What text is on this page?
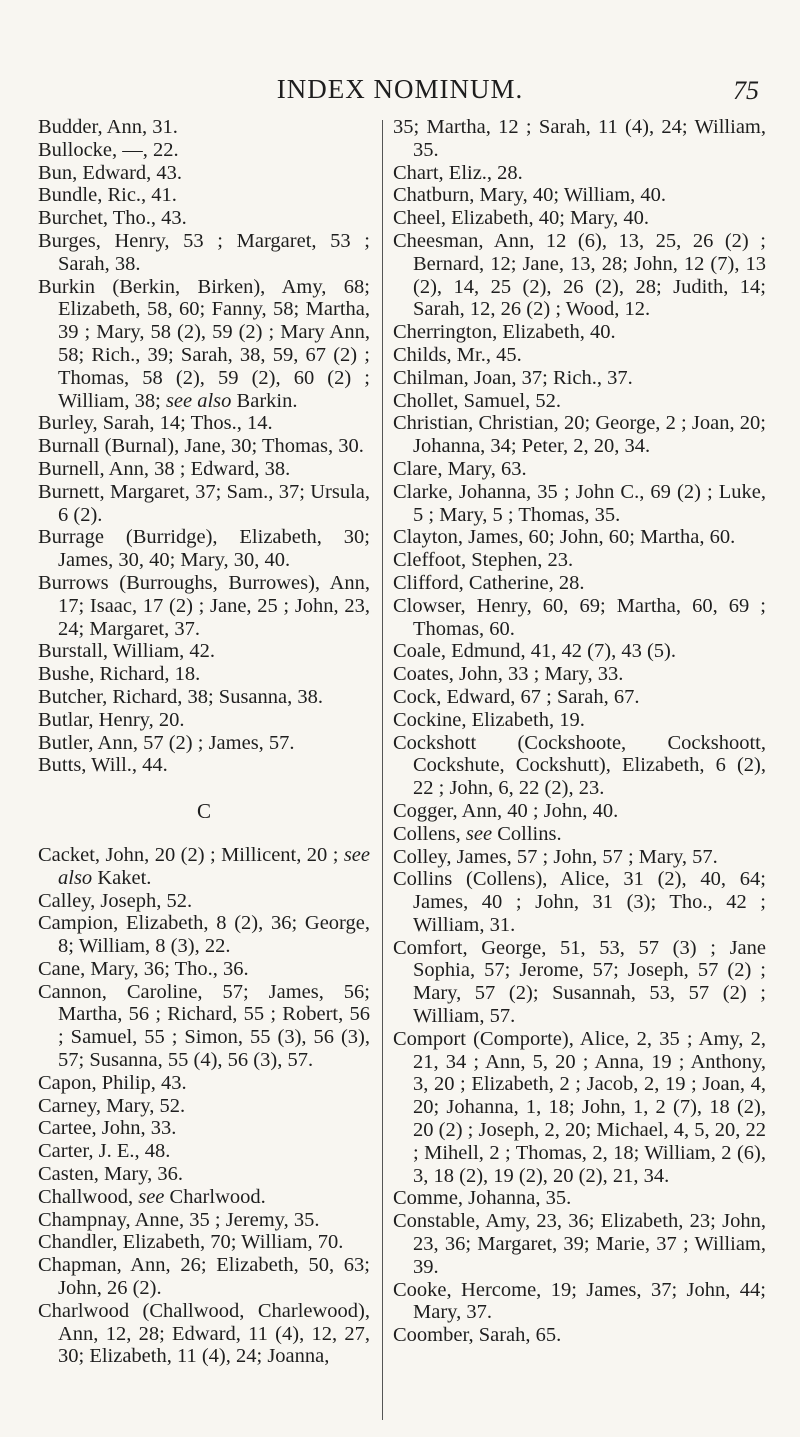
INDEX NOMINUM.	75
Budder, Ann, 31.
Bullocke, —, 22.
Bun, Edward, 43.
Bundle, Ric., 41.
Burchet, Tho., 43.
Burges, Henry, 53 ; Margaret, 53 ; Sarah, 38.
Burkin (Berkin, Birken), Amy, 68; Elizabeth, 58, 60; Fanny, 58; Martha, 39 ; Mary, 58 (2), 59 (2) ; Mary Ann, 58; Rich., 39; Sarah, 38, 59, 67 (2) ; Thomas, 58 (2), 59 (2), 60 (2) ; William, 38; see also Barkin.
Burley, Sarah, 14; Thos., 14.
Burnall (Burnal), Jane, 30; Thomas, 30.
Burnell, Ann, 38 ; Edward, 38.
Burnett, Margaret, 37; Sam., 37; Ursula, 6 (2).
Burrage (Burridge), Elizabeth, 30; James, 30, 40; Mary, 30, 40.
Burrows (Burroughs, Burrowes), Ann, 17; Isaac, 17 (2) ; Jane, 25 ; John, 23, 24; Margaret, 37.
Burstall, William, 42.
Bushe, Richard, 18.
Butcher, Richard, 38; Susanna, 38.
Butlar, Henry, 20.
Butler, Ann, 57 (2) ; James, 57.
Butts, Will., 44.
C
Cacket, John, 20 (2) ; Millicent, 20 ; see also Kaket.
Calley, Joseph, 52.
Campion, Elizabeth, 8 (2), 36; George, 8; William, 8 (3), 22.
Cane, Mary, 36; Tho., 36.
Cannon, Caroline, 57; James, 56; Martha, 56 ; Richard, 55 ; Robert, 56 ; Samuel, 55 ; Simon, 55 (3), 56 (3), 57; Susanna, 55 (4), 56 (3), 57.
Capon, Philip, 43.
Carney, Mary, 52.
Cartee, John, 33.
Carter, J. E., 48.
Casten, Mary, 36.
Challwood, see Charlwood.
Champnay, Anne, 35 ; Jeremy, 35.
Chandler, Elizabeth, 70; William, 70.
Chapman, Ann, 26; Elizabeth, 50, 63; John, 26 (2).
Charlwood (Challwood, Charlewood), Ann, 12, 28; Edward, 11 (4), 12, 27, 30; Elizabeth, 11 (4), 24; Joanna,
35; Martha, 12 ; Sarah, 11 (4), 24; William, 35.
Chart, Eliz., 28.
Chatburn, Mary, 40; William, 40.
Cheel, Elizabeth, 40; Mary, 40.
Cheesman, Ann, 12 (6), 13, 25, 26 (2) ; Bernard, 12; Jane, 13, 28; John, 12 (7), 13 (2), 14, 25 (2), 26 (2), 28; Judith, 14; Sarah, 12, 26 (2) ; Wood, 12.
Cherrington, Elizabeth, 40.
Childs, Mr., 45.
Chilman, Joan, 37; Rich., 37.
Chollet, Samuel, 52.
Christian, Christian, 20; George, 2 ; Joan, 20; Johanna, 34; Peter, 2, 20, 34.
Clare, Mary, 63.
Clarke, Johanna, 35 ; John C., 69 (2) ; Luke, 5 ; Mary, 5 ; Thomas, 35.
Clayton, James, 60; John, 60; Martha, 60.
Cleffoot, Stephen, 23.
Clifford, Catherine, 28.
Clowser, Henry, 60, 69; Martha, 60, 69 ; Thomas, 60.
Coale, Edmund, 41, 42 (7), 43 (5).
Coates, John, 33 ; Mary, 33.
Cock, Edward, 67 ; Sarah, 67.
Cockine, Elizabeth, 19.
Cockshott (Cockshoote, Cockshoott, Cockshute, Cockshutt), Elizabeth, 6 (2), 22 ; John, 6, 22 (2), 23.
Cogger, Ann, 40 ; John, 40.
Collens, see Collins.
Colley, James, 57 ; John, 57 ; Mary, 57.
Collins (Collens), Alice, 31 (2), 40, 64; James, 40 ; John, 31 (3); Tho., 42 ; William, 31.
Comfort, George, 51, 53, 57 (3) ; Jane Sophia, 57; Jerome, 57; Joseph, 57 (2) ; Mary, 57 (2); Susannah, 53, 57 (2) ; William, 57.
Comport (Comporte), Alice, 2, 35 ; Amy, 2, 21, 34 ; Ann, 5, 20 ; Anna, 19 ; Anthony, 3, 20 ; Elizabeth, 2 ; Jacob, 2, 19 ; Joan, 4, 20; Johanna, 1, 18; John, 1, 2 (7), 18 (2), 20 (2) ; Joseph, 2, 20; Michael, 4, 5, 20, 22 ; Mihell, 2 ; Thomas, 2, 18; William, 2 (6), 3, 18 (2), 19 (2), 20 (2), 21, 34.
Comme, Johanna, 35.
Constable, Amy, 23, 36; Elizabeth, 23; John, 23, 36; Margaret, 39; Marie, 37 ; William, 39.
Cooke, Hercome, 19; James, 37; John, 44; Mary, 37.
Coomber, Sarah, 65.
